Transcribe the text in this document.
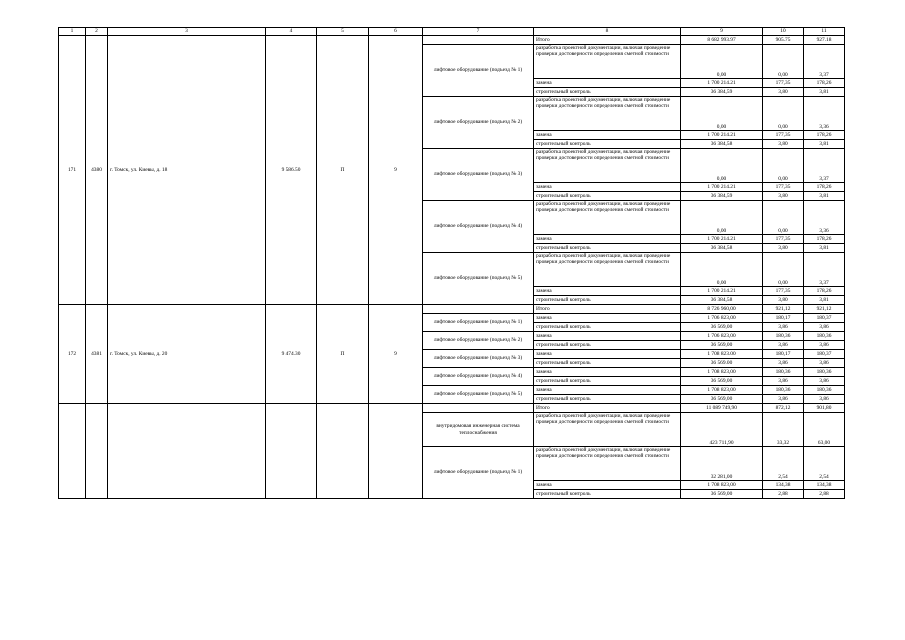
1	2	3	4	5	6	7	8	9	10	11
171	4380	г. Томск, ул. Киевы, д. 18	9 586.50	П	9		Итого	8 682 993.97	905.75	927.18
						лифтовое оборудование (подъезд № 1)	разработка проектной документации, включая проведение проверки достоверности определения сметной стоимости	0,00	0,00	3,37
							замена	1 700 214.21	177,35	178,26
							строительный контроль	36 384,59	3,80	3,81
						лифтовое оборудование (подъезд № 2)	разработка проектной документации, включая проведение проверки достоверности определения сметной стоимости	0,00	0,00	3,36
							замена	1 700 214.21	177,35	178,26
							строительный контроль	36 384,58	3,80	3,81
						лифтовое оборудование (подъезд № 3)	разработка проектной документации, включая проведение проверки достоверности определения сметной стоимости	0,00	0,00	3,37
							замена	1 700 214.21	177,35	178,26
							строительный контроль	36 384,59	3,80	3,81
						лифтовое оборудование (подъезд № 4)	разработка проектной документации, включая проведение проверки достоверности определения сметной стоимости	0,00	0,00	3,36
							замена	1 700 214.21	177,35	178,26
							строительный контроль	36 384,58	3,80	3,81
						лифтовое оборудование (подъезд № 5)	разработка проектной документации, включая проведение проверки достоверности определения сметной стоимости	0,00	0,00	3,37
							замена	1 700 214.21	177,35	178,26
							строительный контроль	36 384,58	3,80	3,81
172	4381	г. Томск, ул. Киевы, д. 20	9 474.30	П	9		Итого	8 726 960,00	921,12	921,12
						лифтовое оборудование (подъезд № 1)	замена	1 706 823,00	180,17	180,37
							строительный контроль	36 569,00	3,86	3,86
						лифтовое оборудование (подъезд № 2)	замена	1 706 823,00	180,36	180,36
							строительный контроль	36 569,00	3,86	3,86
						лифтовое оборудование (подъезд № 3)	замена	1 708 823.00	180,17	180,37
							строительный контроль	36 569.00	3,86	3,86
						лифтовое оборудование (подъезд № 4)	замена	1 708 823,00	180,36	180,36
							строительный контроль	36 569,00	3,86	3,86
						лифтовое оборудование (подъезд № 5)	замена	1 708 823,00	180,36	180,36
							строительный контроль	36 569,00	3,86	3,86
							Итого	11 089 749,90	872,12	901,80
						внутридомовая инженерная система теплоснабжения	разработка проектной документации, включая проведение проверки достоверности определения сметной стоимости	423 711,90	33,32	63,00
						лифтовое оборудование (подъезд № 1)	разработка проектной документации, включая проведение проверки достоверности определения сметной стоимости	32 281,00	2,54	2,54
							замена	1 708 823,00	134,38	134,38
							строительный контроль	36 569,00	2,88	2,88
